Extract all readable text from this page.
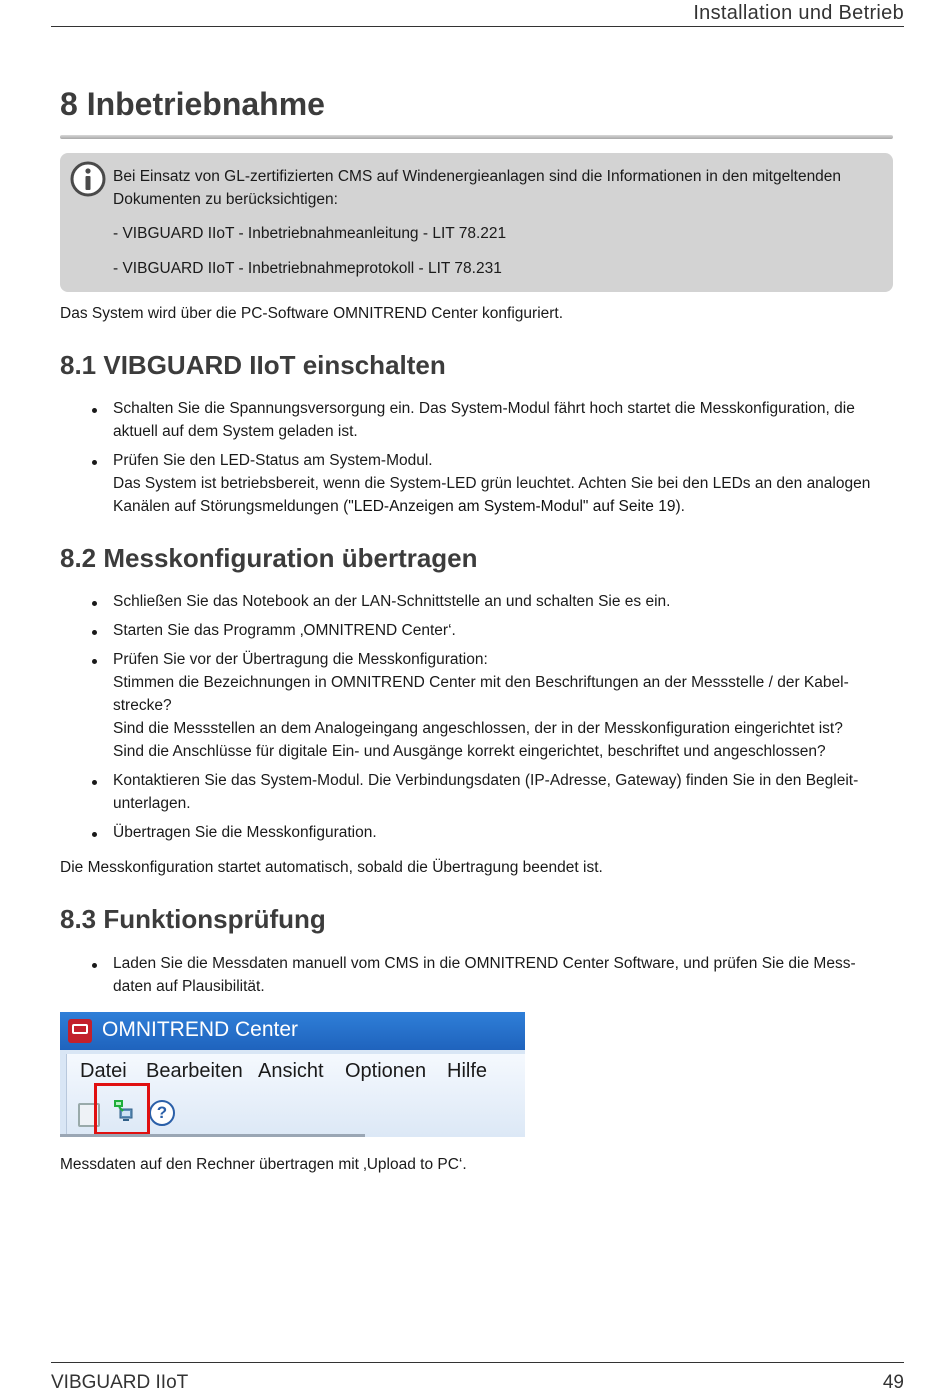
Installation und Betrieb
8 Inbetriebnahme
Bei Einsatz von GL-zertifizierten CMS auf Windenergieanlagen sind die Informationen in den mitgeltenden
Dokumenten zu berücksichtigen:
- VIBGUARD IIoT - Inbetriebnahmeanleitung - LIT 78.221
- VIBGUARD IIoT - Inbetriebnahmeprotokoll - LIT 78.231
Das System wird über die PC-Software OMNITREND Center konfiguriert.
8.1 VIBGUARD IIoT einschalten
Schalten Sie die Spannungsversorgung ein. Das System-Modul fährt hoch startet die Messkonfiguration, die
aktuell auf dem System geladen ist.
Prüfen Sie den LED-Status am System-Modul.
Das System ist betriebsbereit, wenn die System-LED grün leuchtet. Achten Sie bei den LEDs an den analogen
Kanälen auf Störungsmeldungen ("LED-Anzeigen am System-Modul" auf Seite 19).
8.2 Messkonfiguration übertragen
Schließen Sie das Notebook an der LAN-Schnittstelle an und schalten Sie es ein.
Starten Sie das Programm ‚OMNITREND Center‘.
Prüfen Sie vor der Übertragung die Messkonfiguration:
Stimmen die Bezeichnungen in OMNITREND Center mit den Beschriftungen an der Messstelle / der Kabel-
strecke?
Sind die Messstellen an dem Analogeingang angeschlossen, der in der Messkonfiguration eingerichtet ist?
Sind die Anschlüsse für digitale Ein- und Ausgänge korrekt eingerichtet, beschriftet und angeschlossen?
Kontaktieren Sie das System-Modul. Die Verbindungsdaten (IP-Adresse, Gateway) finden Sie in den Begleit-
unterlagen.
Übertragen Sie die Messkonfiguration.
Die Messkonfiguration startet automatisch, sobald die Übertragung beendet ist.
8.3 Funktionsprüfung
Laden Sie die Messdaten manuell vom CMS in die OMNITREND Center Software, und prüfen Sie die Mess-
daten auf Plausibilität.
OMNITREND Center
Datei Bearbeiten Ansicht Optionen Hilfe
?
Messdaten auf den Rechner übertragen mit ‚Upload to PC‘.
VIBGUARD IIoT	49
